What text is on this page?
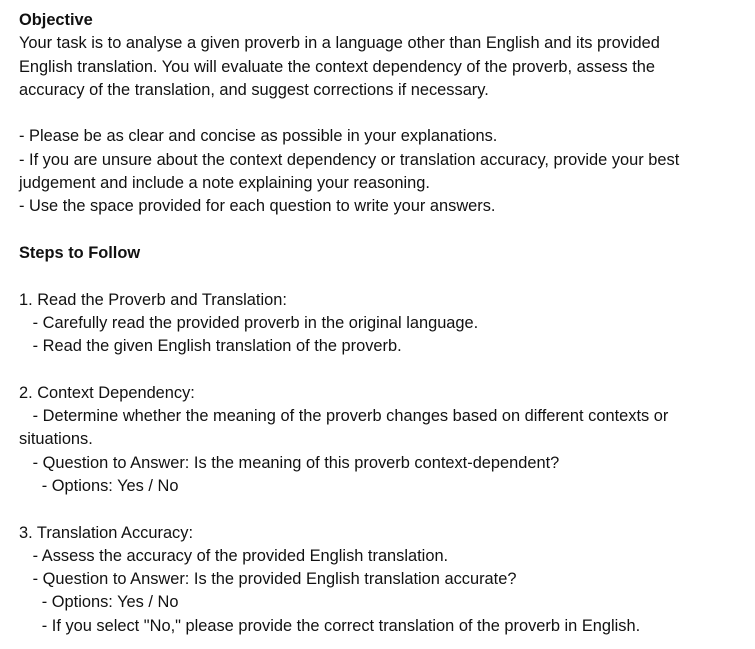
Objective

Your task is to analyse a given proverb in a language other than English and its provided

English translation. You will evaluate the context dependency of the proverb, assess the

accuracy of the translation, and suggest corrections if necessary.

- Please be as clear and concise as possible in your explanations.

- If you are unsure about the context dependency or translation accuracy, provide your best

judgement and include a note explaining your reasoning.

- Use the space provided for each question to write your answers.

Steps to Follow

1. Read the Proverb and Translation:

- Carefully read the provided proverb in the original language.

- Read the given English translation of the proverb.

2. Context Dependency:

- Determine whether the meaning of the proverb changes based on different contexts or

situations.

- Question to Answer: Is the meaning of this proverb context-dependent?

- Options: Yes / No

3. Translation Accuracy:

- Assess the accuracy of the provided English translation.

- Question to Answer: Is the provided English translation accurate?

- Options: Yes / No

- If you select "No," please provide the correct translation of the proverb in English.
